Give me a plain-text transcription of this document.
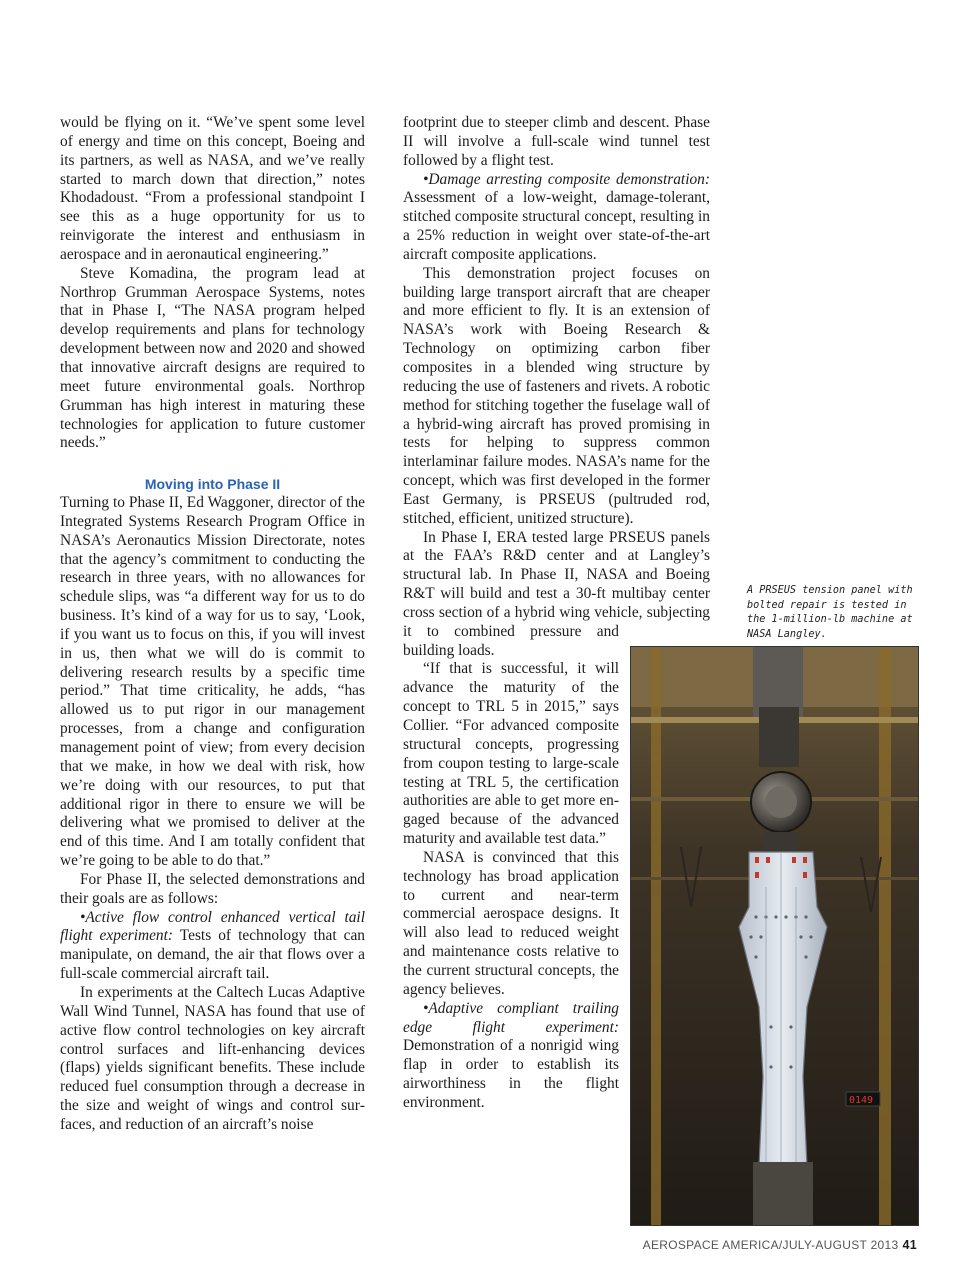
would be flying on it. “We’ve spent some level of energy and time on this concept, Boeing and its partners, as well as NASA, and we’ve really started to march down that direction,” notes Khodadoust. “From a professional standpoint I see this as a huge opportunity for us to reinvigorate the interest and enthusiasm in aerospace and in aeronautical engineering.”

Steve Komadina, the program lead at Northrop Grumman Aerospace Systems, notes that in Phase I, “The NASA program helped develop requirements and plans for technology development between now and 2020 and showed that innovative aircraft designs are required to meet future environmental goals. Northrop Grumman has high interest in maturing these technologies for application to future customer needs.”

Moving into Phase II

Turning to Phase II, Ed Waggoner, director of the Integrated Systems Research Program Office in NASA’s Aeronautics Mission Directorate, notes that the agency’s commitment to conducting the research in three years, with no allowances for schedule slips, was “a different way for us to do business. It’s kind of a way for us to say, ‘Look, if you want us to focus on this, if you will invest in us, then what we will do is commit to delivering research results by a specific time period.” That time criticality, he adds, “has allowed us to put rigor in our management processes, from a change and configuration management point of view; from every decision that we make, in how we deal with risk, how we’re doing with our resources, to put that additional rigor in there to ensure we will be delivering what we promised to deliver at the end of this time. And I am totally confident that we’re going to be able to do that.”

For Phase II, the selected demonstrations and their goals are as follows:

•Active flow control enhanced vertical tail flight experiment: Tests of technology that can manipulate, on demand, the air that flows over a full-scale commercial aircraft tail.

In experiments at the Caltech Lucas Adaptive Wall Wind Tunnel, NASA has found that use of active flow control technologies on key aircraft control surfaces and lift-enhancing devices (flaps) yields significant benefits. These include reduced fuel consumption through a decrease in the size and weight of wings and control surfaces, and reduction of an aircraft’s noise

footprint due to steeper climb and descent. Phase II will involve a full-scale wind tunnel test followed by a flight test.

•Damage arresting composite demonstration: Assessment of a low-weight, damage-tolerant, stitched composite structural concept, resulting in a 25% reduction in weight over state-of-the-art aircraft composite applications.

This demonstration project focuses on building large transport aircraft that are cheaper and more efficient to fly. It is an extension of NASA’s work with Boeing Research & Technology on optimizing carbon fiber composites in a blended wing structure by reducing the use of fasteners and rivets. A robotic method for stitching together the fuselage wall of a hybrid-wing aircraft has proved promising in tests for helping to suppress common interlaminar failure modes. NASA’s name for the concept, which was first developed in the former East Germany, is PRSEUS (pultruded rod, stitched, efficient, unitized structure).

In Phase I, ERA tested large PRSEUS panels at the FAA’s R&D center and at Langley’s structural lab. In Phase II, NASA and Boeing R&T will build and test a 30-ft multibay center cross section of a hybrid wing vehicle, subjecting it to combined pressure and building loads.

“If that is successful, it will advance the maturity of the concept to TRL 5 in 2015,” says Collier. “For advanced composite structural concepts, progressing from coupon testing to large-scale testing at TRL 5, the certification authorities are able to get more engaged because of the advanced maturity and available test data.”

NASA is convinced that this technology has broad application to current and near-term commercial aerospace designs. It will also lead to reduced weight and maintenance costs relative to the current structural concepts, the agency believes.

•Adaptive compliant trailing edge flight experiment: Demonstration of a nonrigid wing flap in order to establish its airworthiness in the flight environment.

A PRSEUS tension panel with bolted repair is tested in the 1-million-lb machine at NASA Langley.
0149
AEROSPACE AMERICA/JULY-AUGUST 2013 41
